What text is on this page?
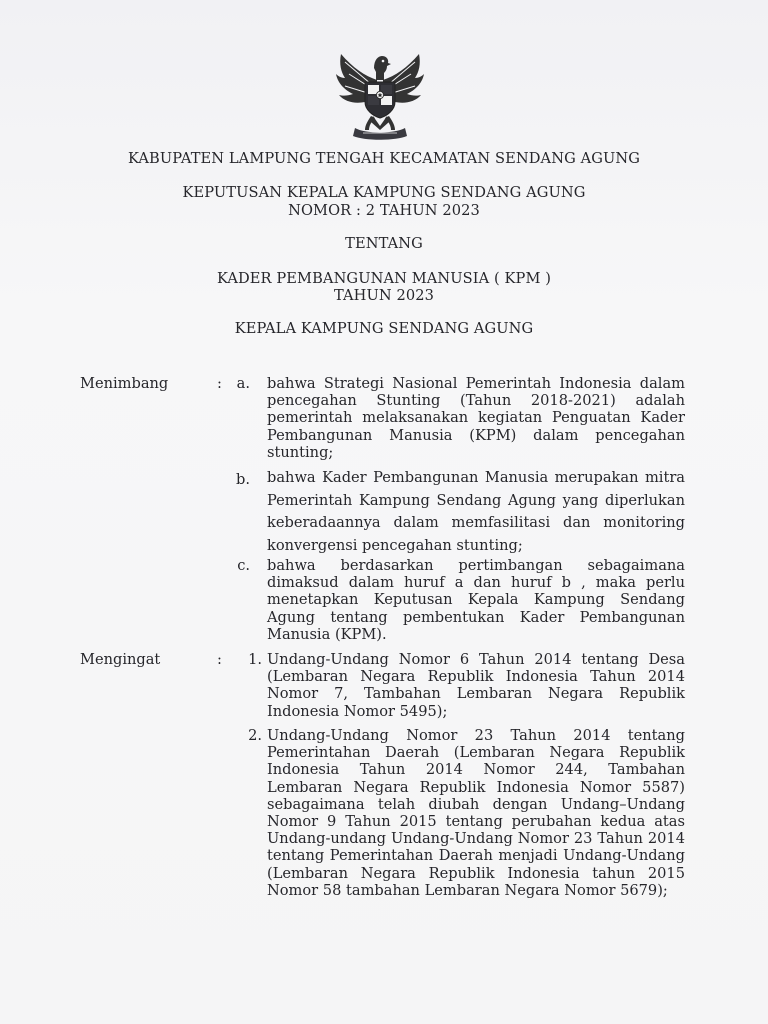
KABUPATEN LAMPUNG TENGAH KECAMATAN SENDANG AGUNG
KEPUTUSAN KEPALA KAMPUNG SENDANG AGUNG
NOMOR : 2 TAHUN 2023
TENTANG
KADER PEMBANGUNAN MANUSIA ( KPM )
TAHUN 2023
KEPALA KAMPUNG SENDANG AGUNG
Menimbang	:	a. bahwa Strategi Nasional Pemerintah Indonesia dalam pencegahan Stunting (Tahun 2018-2021) adalah pemerintah melaksanakan kegiatan Penguatan Kader Pembangunan Manusia (KPM) dalam pencegahan stunting;
b. bahwa Kader Pembangunan Manusia merupakan mitra Pemerintah Kampung Sendang Agung yang diperlukan keberadaannya dalam memfasilitasi dan monitoring konvergensi pencegahan stunting;
c. bahwa berdasarkan pertimbangan sebagaimana dimaksud dalam huruf a dan huruf b , maka perlu menetapkan Keputusan Kepala Kampung Sendang Agung tentang pembentukan Kader Pembangunan Manusia (KPM).
Mengingat	:	1. Undang-Undang Nomor 6 Tahun 2014 tentang Desa (Lembaran Negara Republik Indonesia Tahun 2014 Nomor 7, Tambahan Lembaran Negara Republik Indonesia Nomor 5495);
2. Undang-Undang Nomor 23 Tahun 2014 tentang Pemerintahan Daerah (Lembaran Negara Republik Indonesia Tahun 2014 Nomor 244, Tambahan Lembaran Negara Republik Indonesia Nomor 5587) sebagaimana telah diubah dengan Undang–Undang Nomor 9 Tahun 2015 tentang perubahan kedua atas Undang-undang Undang-Undang Nomor 23 Tahun 2014 tentang Pemerintahan Daerah menjadi Undang-Undang (Lembaran Negara Republik Indonesia tahun 2015 Nomor 58 tambahan Lembaran Negara Nomor 5679);
